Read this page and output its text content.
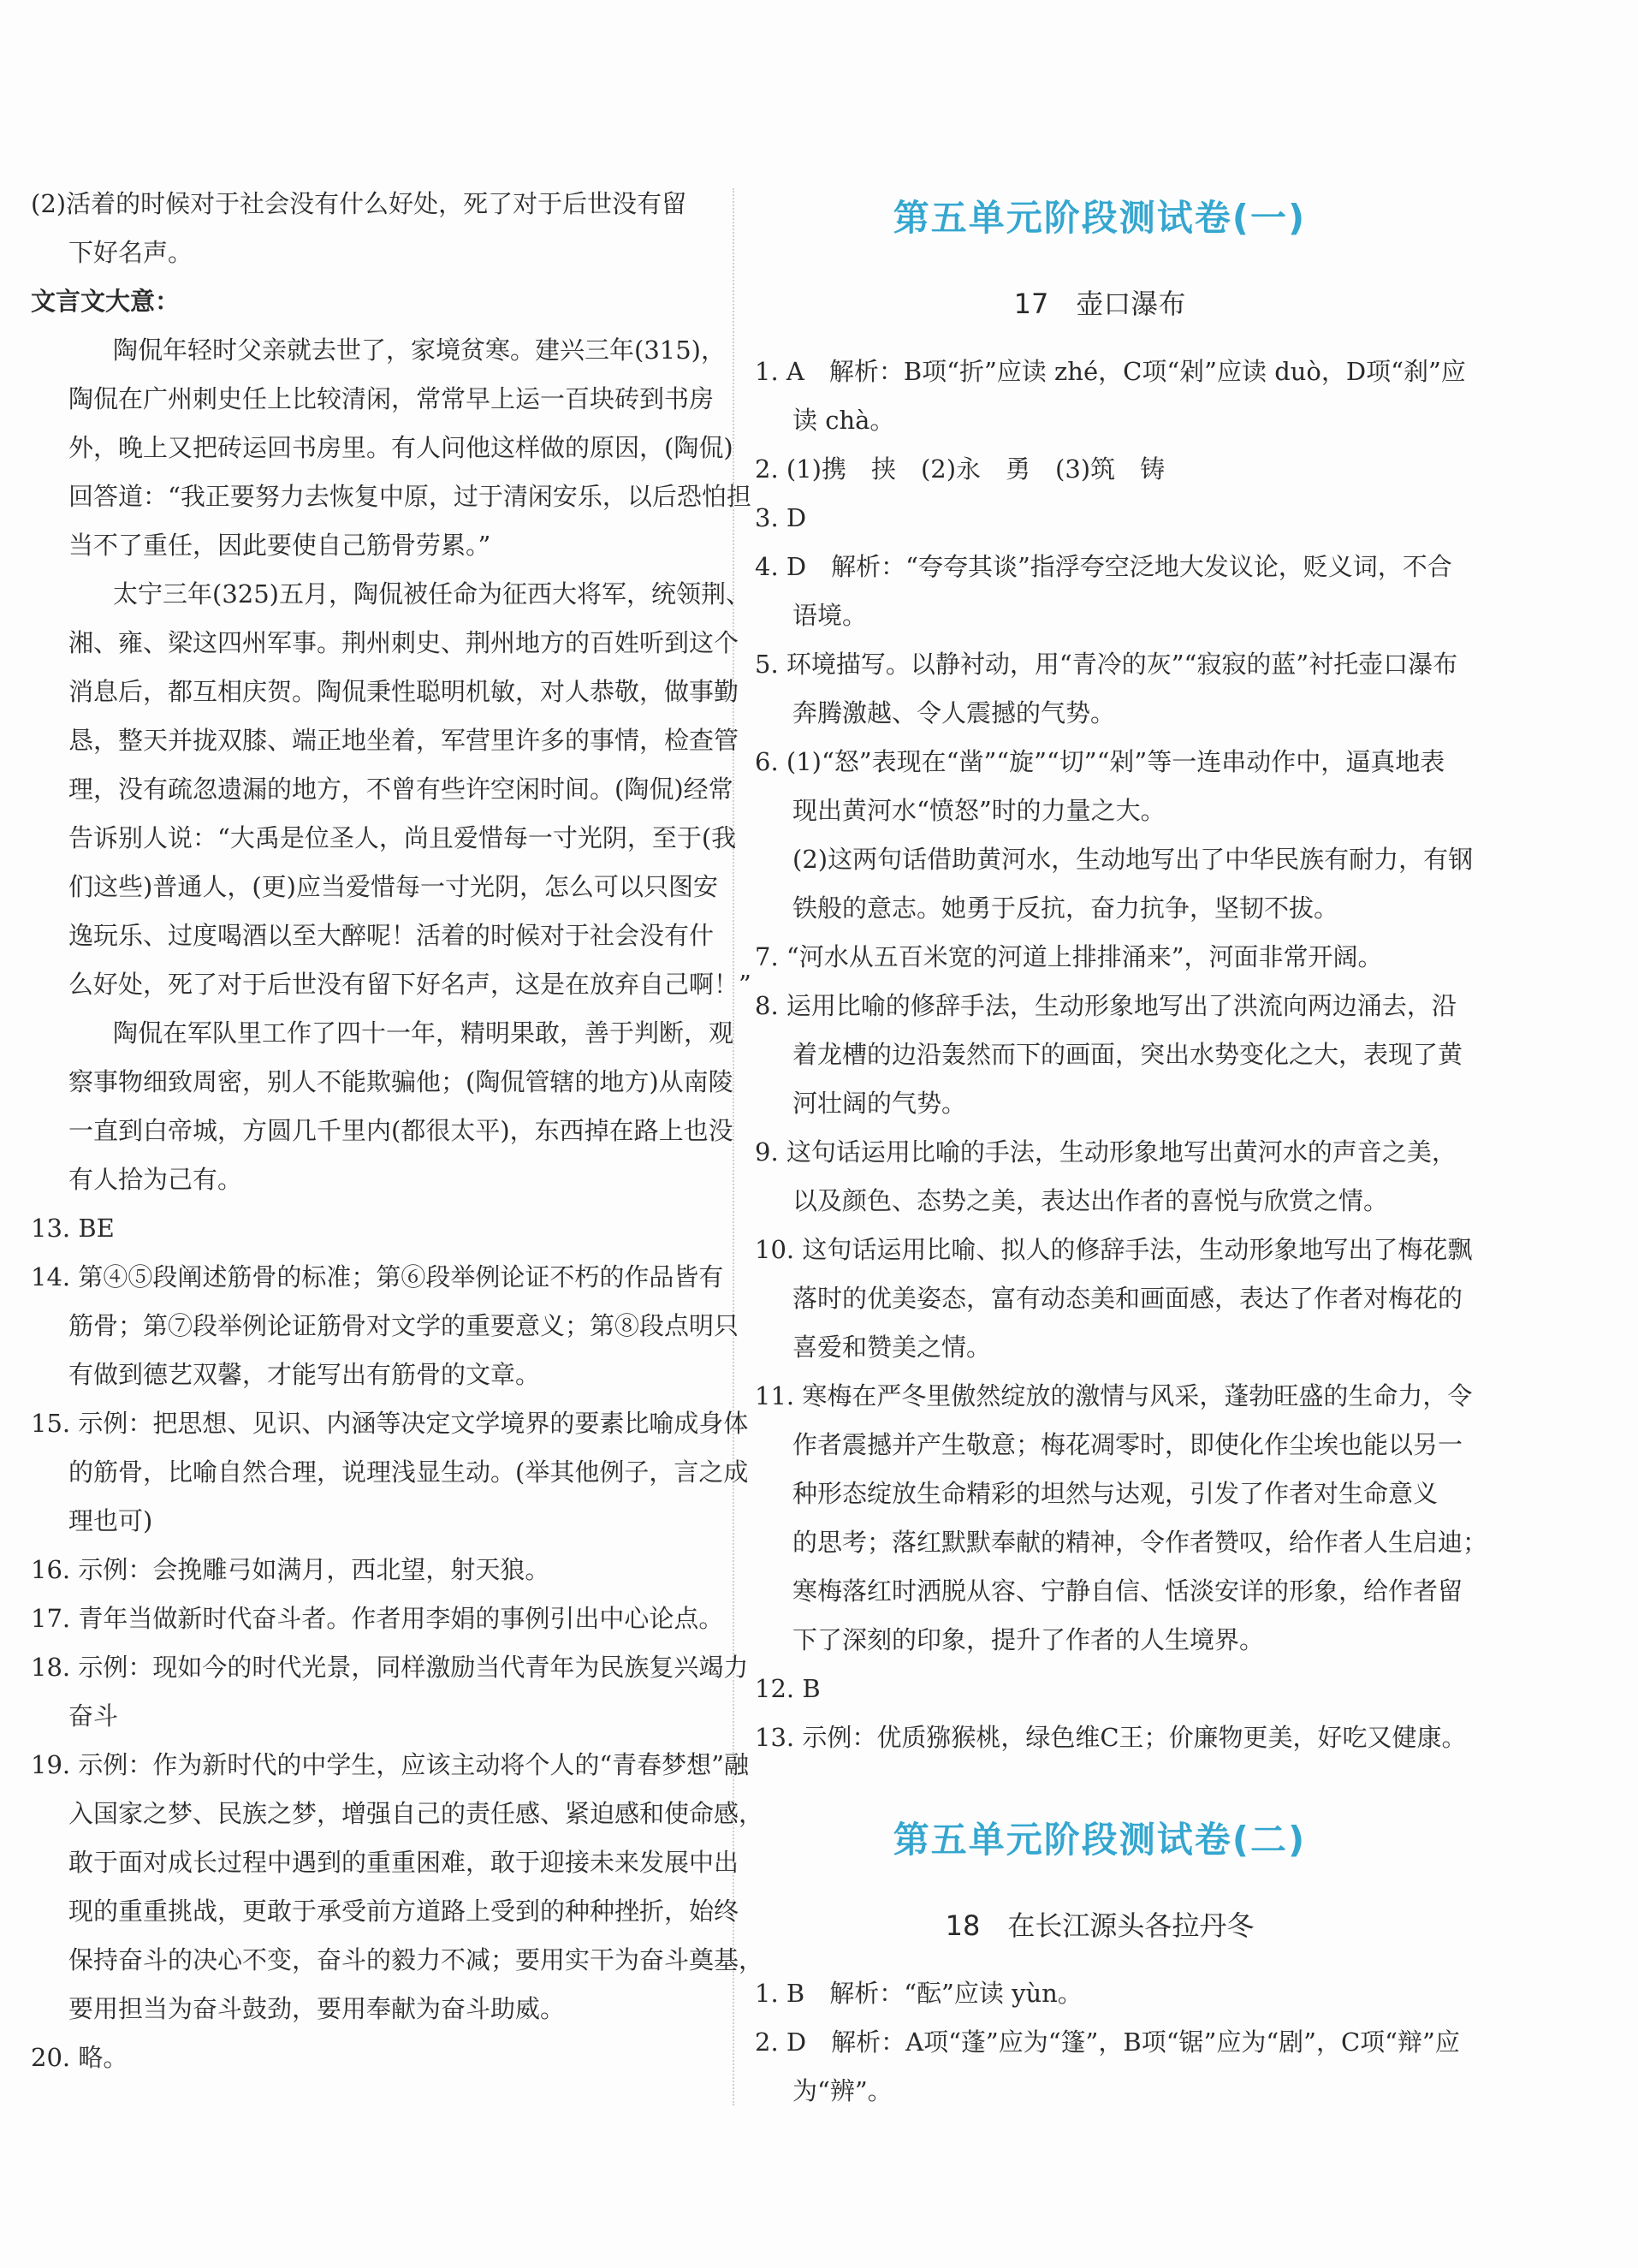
(2)活着的时候对于社会没有什么好处，死了对于后世没有留
下好名声。
文言文大意：
陶侃年轻时父亲就去世了，家境贫寒。建兴三年(315)，
陶侃在广州刺史任上比较清闲，常常早上运一百块砖到书房
外，晚上又把砖运回书房里。有人问他这样做的原因，(陶侃)
回答道：“我正要努力去恢复中原，过于清闲安乐，以后恐怕担
当不了重任，因此要使自己筋骨劳累。”
太宁三年(325)五月，陶侃被任命为征西大将军，统领荆、
湘、雍、梁这四州军事。荆州刺史、荆州地方的百姓听到这个
消息后，都互相庆贺。陶侃秉性聪明机敏，对人恭敬，做事勤
恳，整天并拢双膝、端正地坐着，军营里许多的事情，检查管
理，没有疏忽遗漏的地方，不曾有些许空闲时间。(陶侃)经常
告诉别人说：“大禹是位圣人，尚且爱惜每一寸光阴，至于(我
们这些)普通人，(更)应当爱惜每一寸光阴，怎么可以只图安
逸玩乐、过度喝酒以至大醉呢！活着的时候对于社会没有什
么好处，死了对于后世没有留下好名声，这是在放弃自己啊！”
陶侃在军队里工作了四十一年，精明果敢，善于判断，观
察事物细致周密，别人不能欺骗他；(陶侃管辖的地方)从南陵
一直到白帝城，方圆几千里内(都很太平)，东西掉在路上也没
有人拾为己有。
13. BE
14. 第④⑤段阐述筋骨的标准；第⑥段举例论证不朽的作品皆有
筋骨；第⑦段举例论证筋骨对文学的重要意义；第⑧段点明只
有做到德艺双馨，才能写出有筋骨的文章。
15. 示例：把思想、见识、内涵等决定文学境界的要素比喻成身体
的筋骨，比喻自然合理，说理浅显生动。(举其他例子，言之成
理也可)
16. 示例：会挽雕弓如满月，西北望，射天狼。
17. 青年当做新时代奋斗者。作者用李娟的事例引出中心论点。
18. 示例：现如今的时代光景，同样激励当代青年为民族复兴竭力
奋斗
19. 示例：作为新时代的中学生，应该主动将个人的“青春梦想”融
入国家之梦、民族之梦，增强自己的责任感、紧迫感和使命感，
敢于面对成长过程中遇到的重重困难，敢于迎接未来发展中出
现的重重挑战，更敢于承受前方道路上受到的种种挫折，始终
保持奋斗的决心不变，奋斗的毅力不减；要用实干为奋斗奠基，
要用担当为奋斗鼓劲，要用奉献为奋斗助威。
20. 略。
第五单元阶段测试卷(一)
17　壶口瀑布
1. A　解析：B项“折”应读 zhé，C项“剁”应读 duò，D项“刹”应
读 chà。
2. (1)携　挟　(2)永　勇　(3)筑　铸
3. D
4. D　解析：“夸夸其谈”指浮夸空泛地大发议论，贬义词，不合
语境。
5. 环境描写。以静衬动，用“青冷的灰”“寂寂的蓝”衬托壶口瀑布
奔腾激越、令人震撼的气势。
6. (1)“怒”表现在“凿”“旋”“切”“剁”等一连串动作中，逼真地表
现出黄河水“愤怒”时的力量之大。
(2)这两句话借助黄河水，生动地写出了中华民族有耐力，有钢
铁般的意志。她勇于反抗，奋力抗争，坚韧不拔。
7. “河水从五百米宽的河道上排排涌来”，河面非常开阔。
8. 运用比喻的修辞手法，生动形象地写出了洪流向两边涌去，沿
着龙槽的边沿轰然而下的画面，突出水势变化之大，表现了黄
河壮阔的气势。
9. 这句话运用比喻的手法，生动形象地写出黄河水的声音之美，
以及颜色、态势之美，表达出作者的喜悦与欣赏之情。
10. 这句话运用比喻、拟人的修辞手法，生动形象地写出了梅花飘
落时的优美姿态，富有动态美和画面感，表达了作者对梅花的
喜爱和赞美之情。
11. 寒梅在严冬里傲然绽放的激情与风采，蓬勃旺盛的生命力，令
作者震撼并产生敬意；梅花凋零时，即使化作尘埃也能以另一
种形态绽放生命精彩的坦然与达观，引发了作者对生命意义
的思考；落红默默奉献的精神，令作者赞叹，给作者人生启迪；
寒梅落红时洒脱从容、宁静自信、恬淡安详的形象，给作者留
下了深刻的印象，提升了作者的人生境界。
12. B
13. 示例：优质猕猴桃，绿色维C王；价廉物更美，好吃又健康。
第五单元阶段测试卷(二)
18　在长江源头各拉丹冬
1. B　解析：“酝”应读 yùn。
2. D　解析：A项“蓬”应为“篷”，B项“锯”应为“剧”，C项“辩”应
为“辨”。
